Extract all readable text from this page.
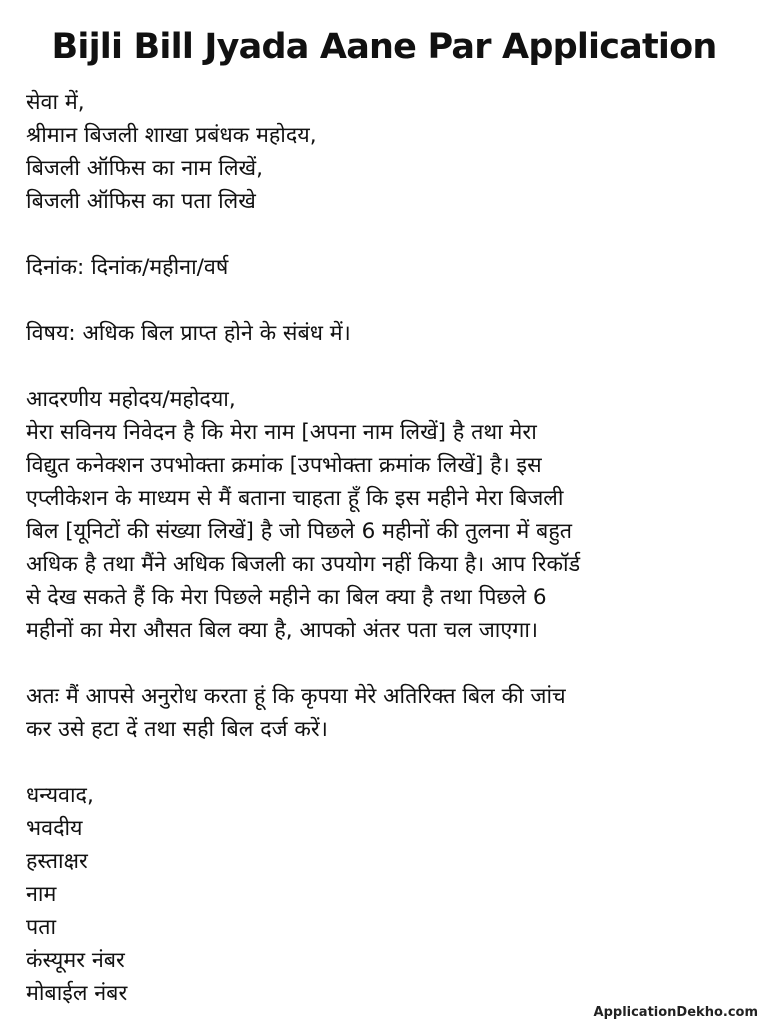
Bijli Bill Jyada Aane Par Application
सेवा में,
श्रीमान बिजली शाखा प्रबंधक महोदय,
बिजली ऑफिस का नाम लिखें,
बिजली ऑफिस का पता लिखे
दिनांक: दिनांक/महीना/वर्ष
विषय: अधिक बिल प्राप्त होने के संबंध में।
आदरणीय महोदय/महोदया,
मेरा सविनय निवेदन है कि मेरा नाम [अपना नाम लिखें] है तथा मेरा
विद्युत कनेक्शन उपभोक्ता क्रमांक [उपभोक्ता क्रमांक लिखें] है। इस
एप्लीकेशन के माध्यम से मैं बताना चाहता हूँ कि इस महीने मेरा बिजली
बिल [यूनिटों की संख्या लिखें] है जो पिछले 6 महीनों की तुलना में बहुत
अधिक है तथा मैंने अधिक बिजली का उपयोग नहीं किया है। आप रिकॉर्ड
से देख सकते हैं कि मेरा पिछले महीने का बिल क्या है तथा पिछले 6
महीनों का मेरा औसत बिल क्या है, आपको अंतर पता चल जाएगा।
अतः मैं आपसे अनुरोध करता हूं कि कृपया मेरे अतिरिक्त बिल की जांच
कर उसे हटा दें तथा सही बिल दर्ज करें।
धन्यवाद,
भवदीय
हस्ताक्षर
नाम
पता
कंस्यूमर नंबर
मोबाईल नंबर
ApplicationDekho.com
